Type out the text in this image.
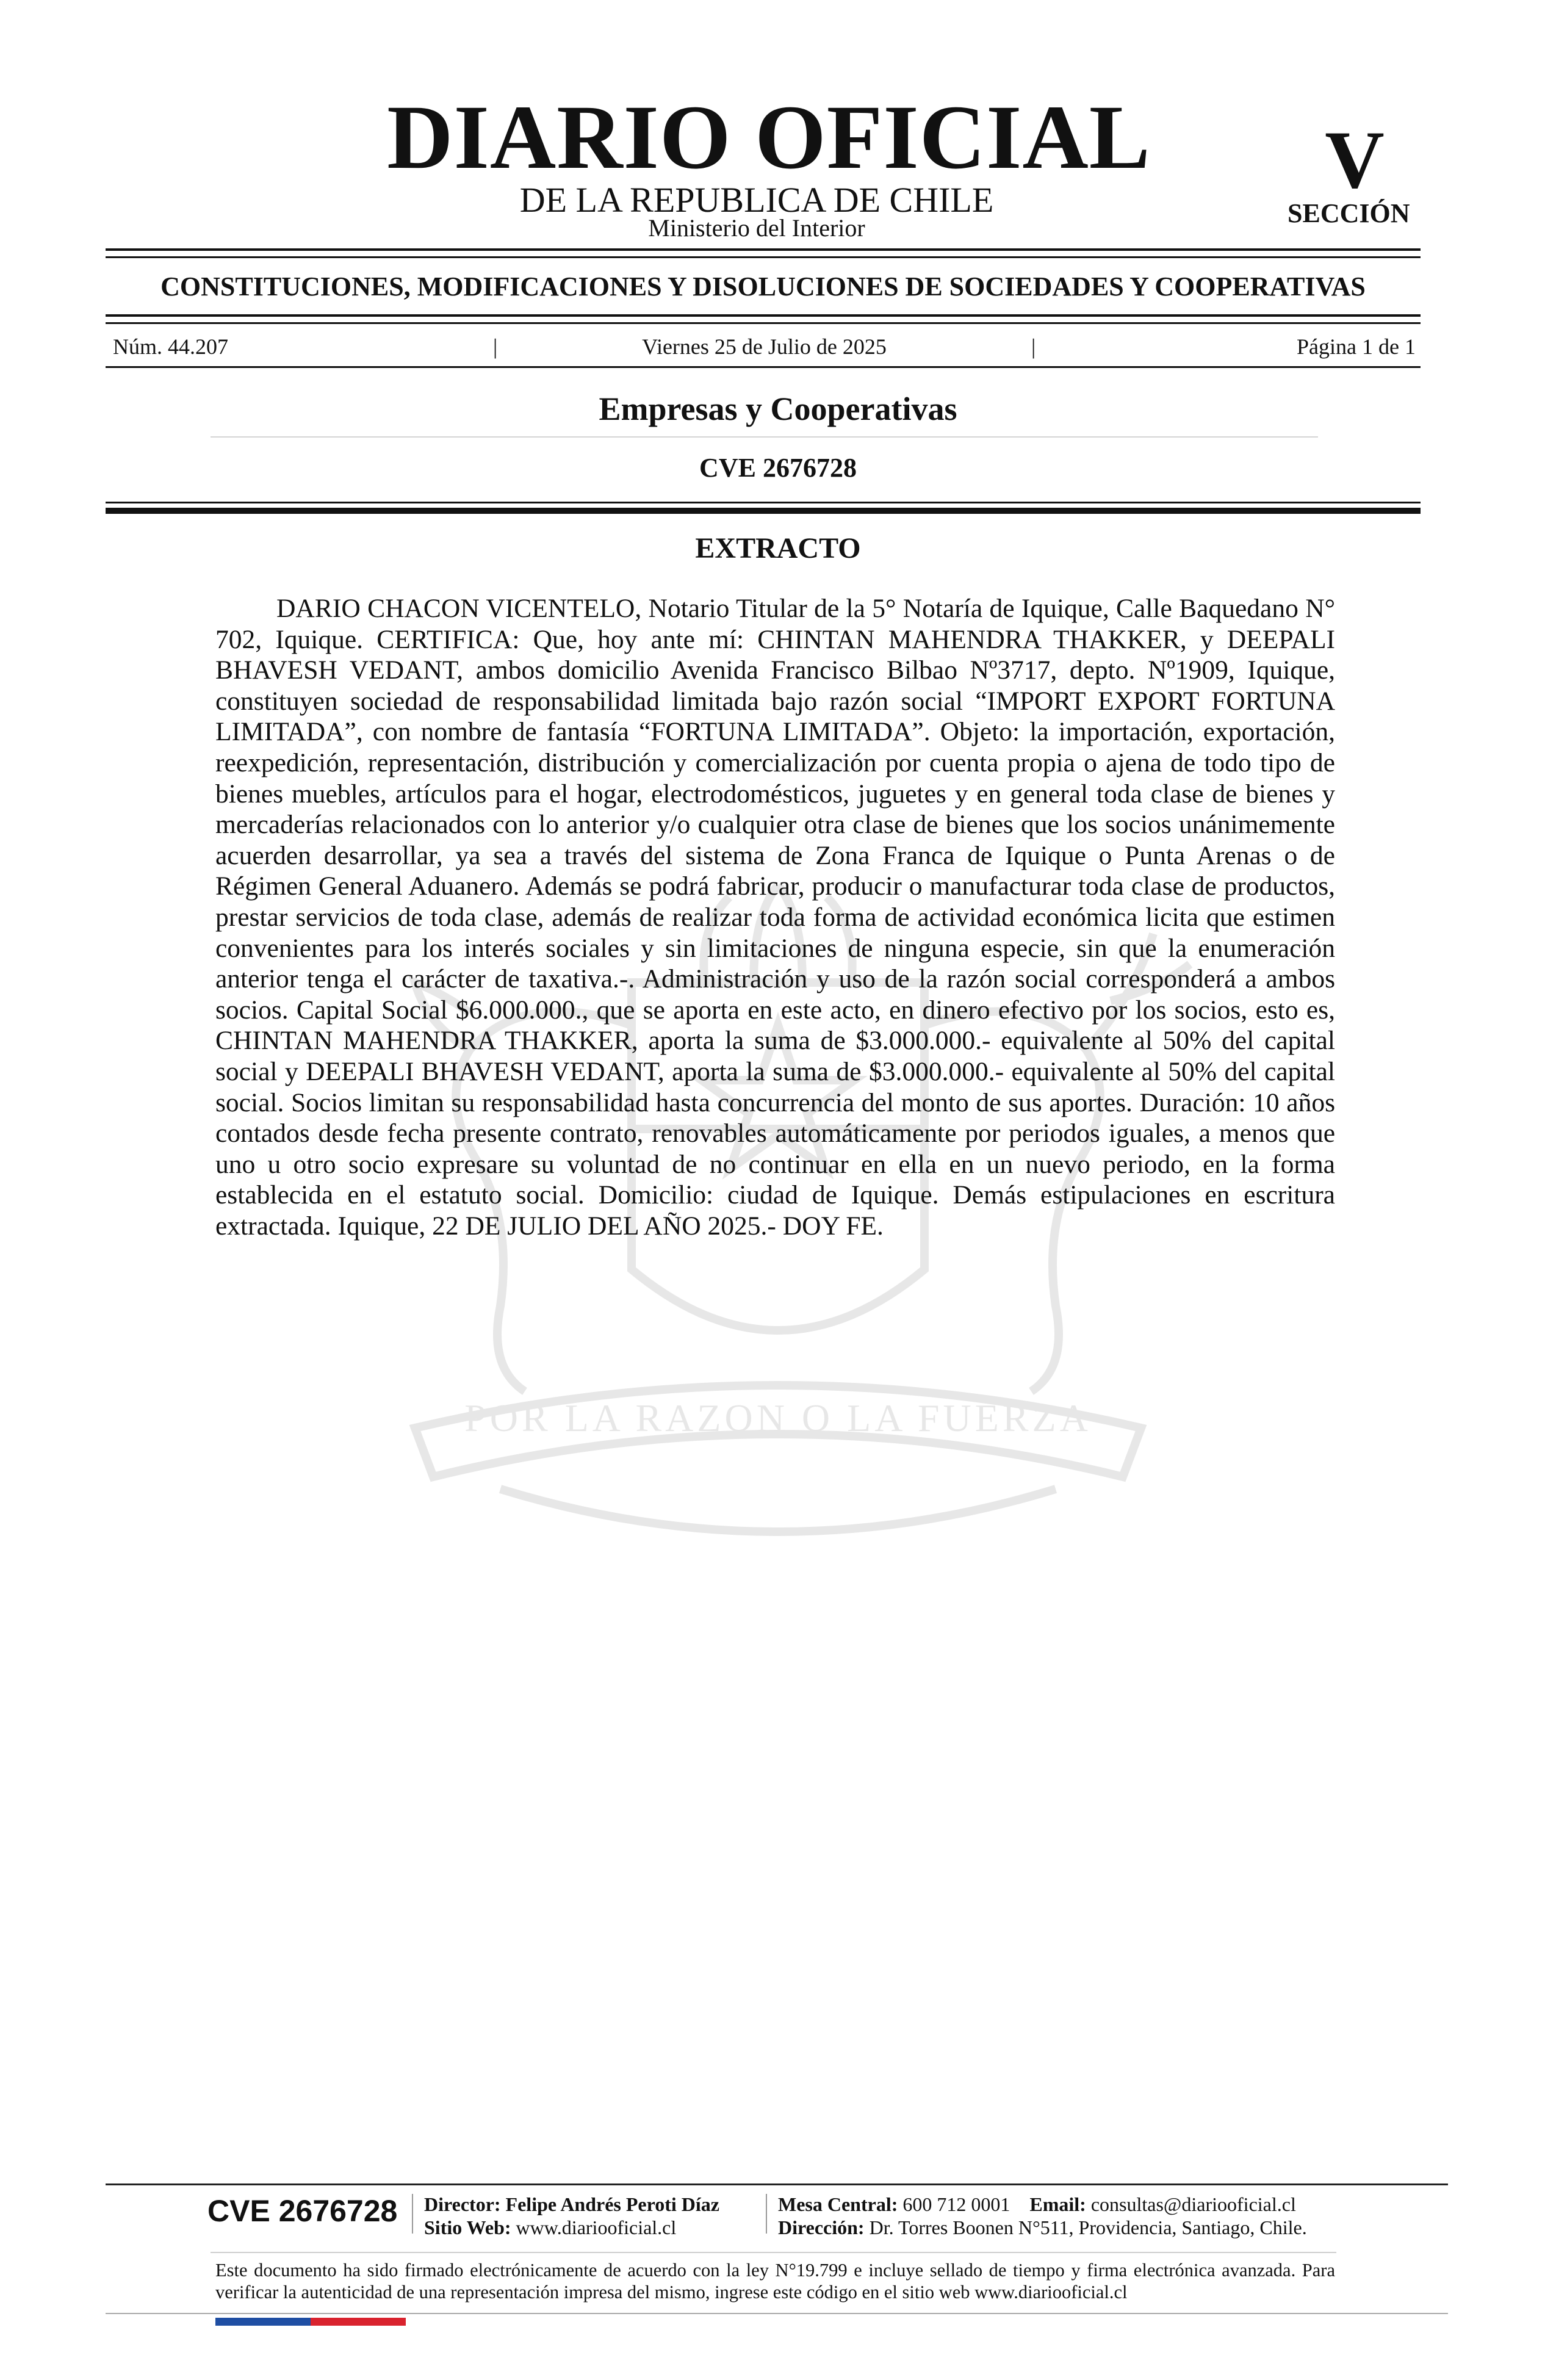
POR LA RAZON O LA FUERZA
DIARIO OFICIAL
DE LA REPUBLICA DE CHILE
Ministerio del Interior
V
SECCIÓN
CONSTITUCIONES, MODIFICACIONES Y DISOLUCIONES DE SOCIEDADES Y COOPERATIVAS
Núm. 44.207	|	Viernes 25 de Julio de 2025	|	Página 1 de 1
Empresas y Cooperativas
CVE 2676728
EXTRACTO

DARIO CHACON VICENTELO, Notario Titular de la 5° Notaría de Iquique, Calle Baquedano N° 702, Iquique. CERTIFICA: Que, hoy ante mí: CHINTAN MAHENDRA THAKKER, y DEEPALI BHAVESH VEDANT, ambos domicilio Avenida Francisco Bilbao Nº3717, depto. Nº1909, Iquique, constituyen sociedad de responsabilidad limitada bajo razón social “IMPORT EXPORT FORTUNA LIMITADA”, con nombre de fantasía “FORTUNA LIMITADA”. Objeto: la importación, exportación, reexpedición, representación, distribución y comercialización por cuenta propia o ajena de todo tipo de bienes muebles, artículos para el hogar, electrodomésticos, juguetes y en general toda clase de bienes y mercaderías relacionados con lo anterior y/o cualquier otra clase de bienes que los socios unánimemente acuerden desarrollar, ya sea a través del sistema de Zona Franca de Iquique o Punta Arenas o de Régimen General Aduanero. Además se podrá fabricar, producir o manufacturar toda clase de productos, prestar servicios de toda clase, además de realizar toda forma de actividad económica licita que estimen convenientes para los interés sociales y sin limitaciones de ninguna especie, sin que la enumeración anterior tenga el carácter de taxativa.-. Administración y uso de la razón social corresponderá a ambos socios. Capital Social $6.000.000., que se aporta en este acto, en dinero efectivo por los socios, esto es, CHINTAN MAHENDRA THAKKER, aporta la suma de $3.000.000.- equivalente al 50% del capital social y DEEPALI BHAVESH VEDANT, aporta la suma de $3.000.000.- equivalente al 50% del capital social. Socios limitan su responsabilidad hasta concurrencia del monto de sus aportes. Duración: 10 años contados desde fecha presente contrato, renovables automáticamente por periodos iguales, a menos que uno u otro socio expresare su voluntad de no continuar en ella en un nuevo periodo, en la forma establecida en el estatuto social. Domicilio: ciudad de Iquique. Demás estipulaciones en escritura extractada. Iquique, 22 DE JULIO DEL AÑO 2025.- DOY FE.

CVE 2676728 Director: Felipe Andrés Peroti Díaz
Sitio Web: www.diariooficial.cl
Mesa Central: 600 712 0001 Email: consultas@diariooficial.cl
Dirección: Dr. Torres Boonen N°511, Providencia, Santiago, Chile.

Este documento ha sido firmado electrónicamente de acuerdo con la ley N°19.799 e incluye sellado de tiempo y firma electrónica avanzada. Para verificar la autenticidad de una representación impresa del mismo, ingrese este código en el sitio web www.diariooficial.cl
